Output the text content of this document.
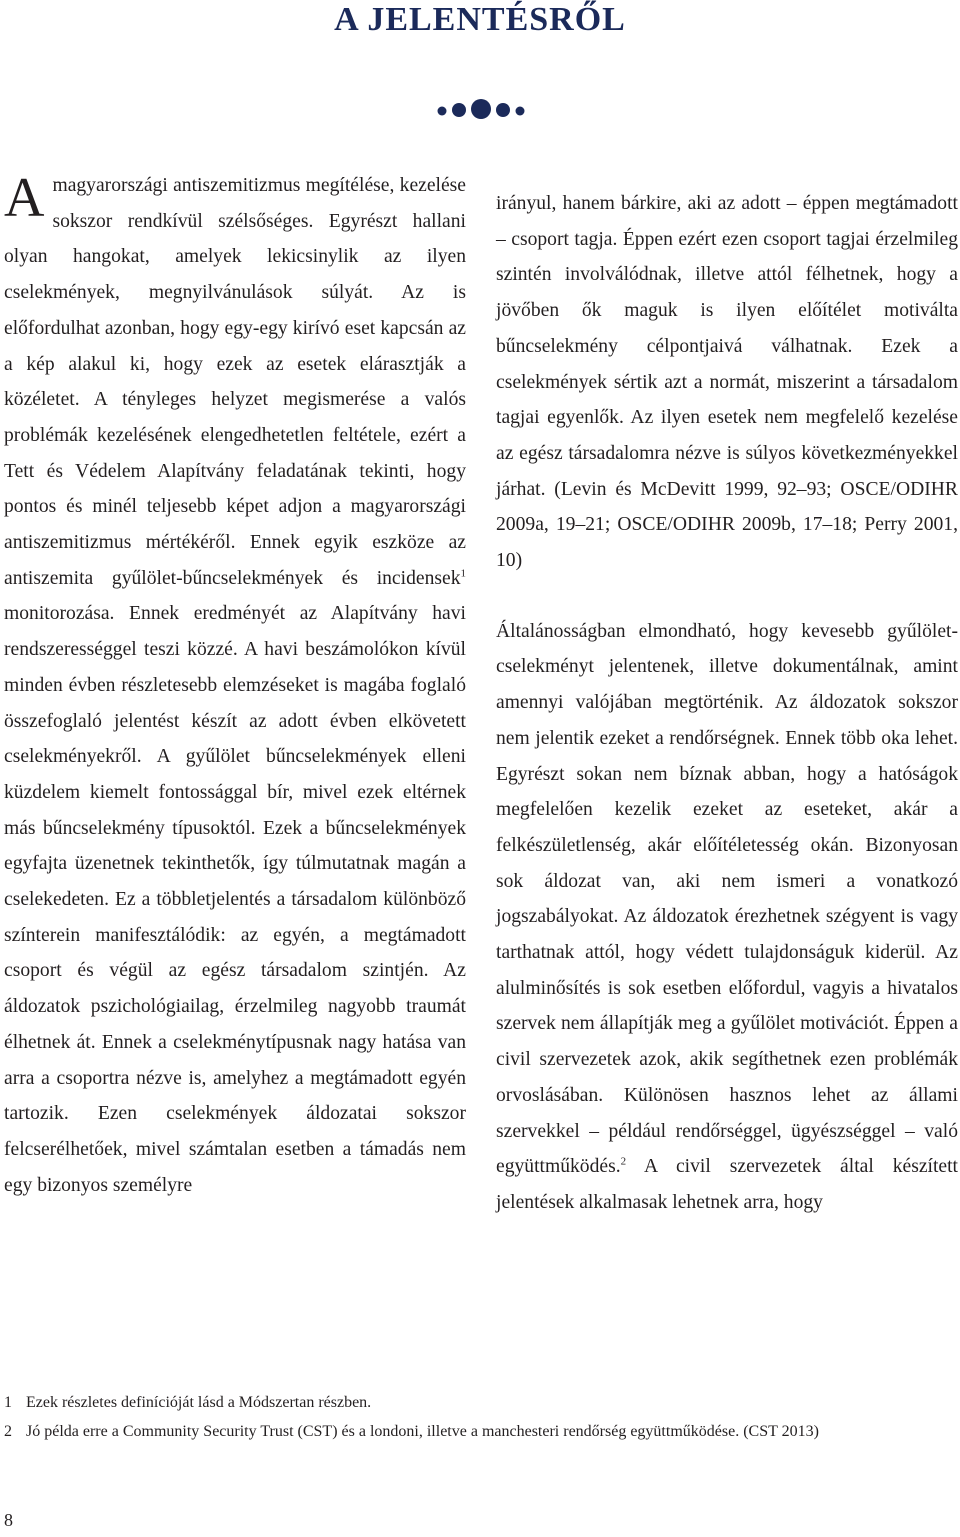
A JELENTÉSRŐL

A magyarországi antiszemitizmus megítélése, kezelése sokszor rendkívül szélsőséges. Egyrészt hallani olyan hangokat, amelyek lekicsinylik az ilyen cselekmények, megnyilvánulások súlyát. Az is előfordulhat azonban, hogy egy-egy kirívó eset kapcsán az a kép alakul ki, hogy ezek az esetek elárasztják a közéletet. A tényleges helyzet megismerése a valós problémák kezelésének elengedhetetlen feltétele, ezért a Tett és Védelem Alapítvány feladatának tekinti, hogy pontos és minél teljesebb képet adjon a magyarországi antiszemitizmus mértékéről. Ennek egyik eszköze az antiszemita gyűlölet-bűncselekmények és incidensek$^1$ monitorozása. Ennek eredményét az Alapítvány havi rendszerességgel teszi közzé. A havi beszámolókon kívül minden évben részletesebb elemzéseket is magába foglaló összefoglaló jelentést készít az adott évben elkövetett cselekményekről. A gyűlölet bűncselekmények elleni küzdelem kiemelt fontossággal bír, mivel ezek eltérnek más bűncselekmény típusoktól. Ezek a bűncselekmények egyfajta üzenetnek tekinthetők, így túlmutatnak magán a cselekedeten. Ez a többletjelentés a társadalom különböző színterein manifesztálódik: az egyén, a megtámadott csoport és végül az egész társadalom szintjén. Az áldozatok pszichológiailag, érzelmileg nagyobb traumát élhetnek át. Ennek a cselekménytípusnak nagy hatása van arra a csoportra nézve is, amelyhez a megtámadott egyén tartozik. Ezen cselekmények áldozatai sokszor felcserélhetőek, mivel számtalan esetben a támadás nem egy bizonyos személyre

irányul, hanem bárkire, aki az adott – éppen megtámadott – csoport tagja. Éppen ezért ezen csoport tagjai érzelmileg szintén involválódnak, illetve attól félhetnek, hogy a jövőben ők maguk is ilyen előítélet motiválta bűncselekmény célpontjaivá válhatnak. Ezek a cselekmények sértik azt a normát, miszerint a társadalom tagjai egyenlők. Az ilyen esetek nem megfelelő kezelése az egész társadalomra nézve is súlyos következményekkel járhat. (Levin és McDevitt 1999, 92–93; OSCE/ODIHR 2009a, 19–21; OSCE/ODIHR 2009b, 17–18; Perry 2001, 10)

Általánosságban elmondható, hogy kevesebb gyűlölet-cselekményt jelentenek, illetve dokumentálnak, amint amennyi valójában megtörténik. Az áldozatok sokszor nem jelentik ezeket a rendőrségnek. Ennek több oka lehet. Egyrészt sokan nem bíznak abban, hogy a hatóságok megfelelően kezelik ezeket az eseteket, akár a felkészületlenség, akár előítéletesség okán. Bizonyosan sok áldozat van, aki nem ismeri a vonatkozó jogszabályokat. Az áldozatok érezhetnek szégyent is vagy tarthatnak attól, hogy védett tulajdonságuk kiderül. Az alulminősítés is sok esetben előfordul, vagyis a hivatalos szervek nem állapítják meg a gyűlölet motivációt. Éppen a civil szervezetek azok, akik segíthetnek ezen problémák orvoslásában. Különösen hasznos lehet az állami szervekkel – például rendőrséggel, ügyészséggel – való együttműködés.$^2$ A civil szervezetek által készített jelentések alkalmasak lehetnek arra, hogy

1 Ezek részletes definícióját lásd a Módszertan részben.
2 Jó példa erre a Community Security Trust (CST) és a londoni, illetve a manchesteri rendőrség együttműködése. (CST 2013)
8
